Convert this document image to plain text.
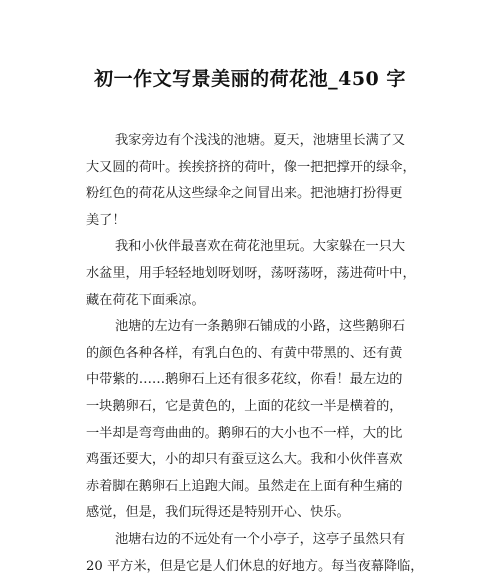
初一作文写景美丽的荷花池_450 字
我家旁边有个浅浅的池塘。夏天，池塘里长满了又
大又圆的荷叶。挨挨挤挤的荷叶，像一把把撑开的绿伞，
粉红色的荷花从这些绿伞之间冒出来。把池塘打扮得更
美了！
我和小伙伴最喜欢在荷花池里玩。大家躲在一只大
水盆里，用手轻轻地划呀划呀，荡呀荡呀，荡进荷叶中，
藏在荷花下面乘凉。
池塘的左边有一条鹅卵石铺成的小路，这些鹅卵石
的颜色各种各样，有乳白色的、有黄中带黑的、还有黄
中带紫的……鹅卵石上还有很多花纹，你看！最左边的
一块鹅卵石，它是黄色的，上面的花纹一半是横着的，
一半却是弯弯曲曲的。鹅卵石的大小也不一样，大的比
鸡蛋还要大，小的却只有蚕豆这么大。我和小伙伴喜欢
赤着脚在鹅卵石上追跑大闹。虽然走在上面有种生痛的
感觉，但是，我们玩得还是特别开心、快乐。
池塘右边的不远处有一个小亭子，这亭子虽然只有
20 平方米，但是它是人们休息的好地方。每当夜幕降临，
